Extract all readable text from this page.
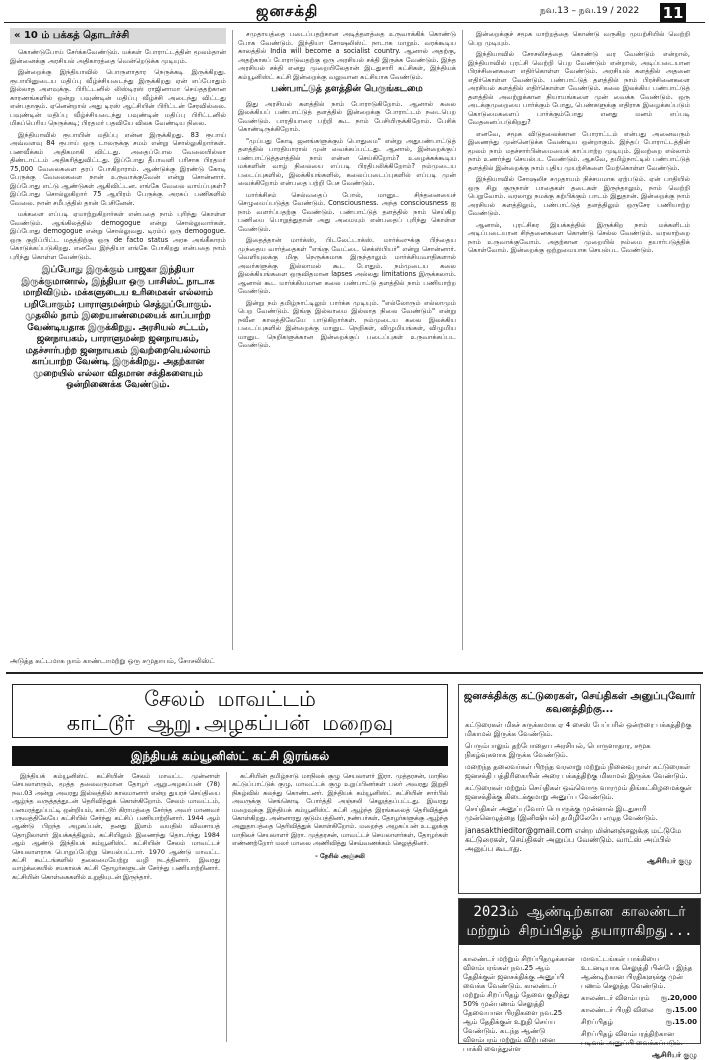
ஜனசக்தி	நவ.13 – நவ.19 / 2022 11
« 10 ம் பக்கத் தொடர்ச்சி

கொண்டுபோய் சேர்க்கவேண்டும். மக்கள் போராட்டத்தின் மூலம்தான் இன்னைக்கு அரசியல் அதிகாரத்தை வென்றெடுக்க முடியும்.

இன்றைக்கு இந்தியாவில் பொருளாதார நெருக்கடி இருக்கிறது. ரூபாயினுடைய மதிப்பு வீழ்ச்சியடைந்து இருக்கிறது ஏன் எப்போதும் இல்லாத அளவுக்கு. பிரிட்டனில் லிஸ்டிரஸ் ராஜினாமா செய்ததற்கான காரணங்களில் ஒன்று பவுண்டின் மதிப்பு வீழ்ச்சி அடைந்து விட்டது என்பதாகும். ஏனென்றால் அது டிரஸ் ஆட்சியின் பிரிட்டன் சேரவில்லை. பவுண்டின் மதிப்பு வீழ்ச்சியடைந்து பவுண்டின் மதிப்பு பிரிட்டனில் மிகப்பெரிய நெருக்கடி; பிரதமர் பதவியே விலக வேண்டிய நிலை.

இந்தியாவில் ரூபாயின் மதிப்பு என்ன இருக்கிறது. 83 ரூபாய் அவ்வளவு 84 ரூபாய் ஒரு டாலருக்கு சமம் என்று சொல்லுகிறார்கள். பணவீக்கம் அதிகமாகி விட்டது. அதைப்போல வேலையில்லா திண்டாட்டம் அதிகரித்துவிட்டது. இப்போது தீபாவளி பரிசாக பிரதமர் 75,000 வேலைகளை தரப் போகிறாராம். ஆண்டுக்கு இரண்டு கோடி பேருக்கு வேலைகளை நான் உருவாக்குவேன் என்று சொன்னார். இப்போது எட்டு ஆண்டுகள் ஆகிவிட்டன. எங்கே வேலை வாய்ப்புகள்? இப்போது சொல்லுகிறார் 75 ஆயிரம் பேருக்கு அரசுப் பணிகளில் வேலை. நான் சமீபத்தில் தான் பேசினேன்.

மக்களை எப்படி ஏமாற்றுகிறார்கள் என்பதை நாம் புரிந்து கொள்ள வேண்டும். ஆங்கிலத்தில் demogogue என்று சொல்லுவார்கள். இப்போது demogogue என்று சொல்லுவது. டிரம்ப் ஒரு demogogue. ஒரு குறிப்பிட்ட மதத்திற்கு ஒரு de facto status அரசு அங்கீகாரம் கொடுக்கப்படுகிறது. எனவே இந்தியா எங்கே போகிறது என்பதை நாம் புரிந்து கொள்ள வேண்டும்.

இப்போது இருக்கும் பாஜகா இந்தியா இருக்குமானால், இந்தியா ஒரு பாசிஸ்ட் நாடாக மாறிவிடும். மக்களுடைய உரிமைகள் எல்லாம் பறிபோகும்; பாராளுமன்றம் செத்துப்போகும். முதலில் நாம் இறையாண்மையைக் காப்பாற்ற வேண்டியதாக இருக்கிறது. அரசியல் சட்டம், ஜனநாயகம், பாராளுமன்ற ஜனநாயகம், மதச்சார்பற்ற ஜனநாயகம் இவற்றையெல்லாம் காப்பாற்ற வேண்டி இருக்கிறது. அதற்கான முறையில் எல்லா விதமான சக்திகளையும் ஒன்றிணைக்க வேண்டும்.

சமுதாயத்தை படைப்பதற்கான அடித்தளத்தை உருவாக்கிக் கொண்டு போக வேண்டும். இந்தியா சோஷலிஸ்ட் நாடாக மாறும். வரக்கூடிய காலத்தில் India will become a socialist country. ஆனால் அதற்கு, அதற்காகப் போராடுவதற்கு ஒரு அரசியல் சக்தி இருக்க வேண்டும். இந்த அரசியல் சக்தி எனது முறையிலேதான் இடதுசாரி கட்சிகள், இந்தியக் கம்யூனிஸ்ட் கட்சி இன்றைக்கு வலுவான கட்சியாக வேண்டும்.

பண்பாட்டுத் தளத்தின் பெருங்கடமை

இது அரசியல் களத்தில் நாம் போராடுகிறோம். ஆனால் கலை இலக்கியப் பண்பாட்டுத் தளத்தில் இன்றைக்கு போராட்டம் நடைபெற வேண்டும். பாரதியாரை பற்றி கூட நாம் பேசியிருக்கிறோம். பேசிக் கொண்டிருக்கிறோம்.

"முப்பது கோடி ஜனங்களுக்கும் பொதுமை" என்று அதுபண்பாட்டுத் தளத்தில் பாரதியாரால் முன் வைக்கப்பட்டது. ஆனால், இன்றைக்குப் பண்பாட்டுத்தளத்தில் நாம் என்ன செய்கிறோம்? உழைக்கக்கூடிய மக்களின் வாழ் நிலையை எப்படி பிரதிபலிக்கிறோம்? நம்முடைய படைப்புகளில், இலக்கியங்களில், கலைப்படைப்புகளில் எப்படி முன் வைக்கிறோம் என்பதை பற்றி பேச வேண்டும்.

மார்க்சிசம் செல்வதைப் போல், மானுட சிந்தனையைச் செழுமைப்படுத்த வேண்டும். Consciousness. அந்த consciousness ஐ நாம் வளர்ப்பதற்கு வேண்டும். பண்பாட்டுத் தளத்தில் நாம் செய்கிற பணியை பொறுத்துதான் அது அமையும் என்பதைப் புரிந்து கொள்ள வேண்டும்.

இதைத்தான் மார்க்ஸ், பிடலேட்டாக்ஸ். மார்க்ஸுக்கு பிந்தைய முந்தைய வார்த்தைகள் "எங்கு வேட்டை செக்ஸ்பியர்" என்று சொன்னார். வெளியுலக்கு மிகு நெருக்கமாக இருந்தாலும் மார்க்சியவாதிகளால் அவர்களுக்கு இல்லாமல் கூட போதும். நம்முடைய கலை இலக்கியங்களை ஒருவிதமான lapses அல்லது limitations இருக்கலாம். ஆனால் கூட மார்க்கியமான கலை பண்பாட்டு தளத்தில் நாம் பணியாற்ற வேண்டும்.

இன்று நம் தமிழ்நாட்டிலும் பார்க்க முடியும். "எல்லோரும் எல்லாமும் பெற வேண்டும். இங்கு இல்லாமை இல்லாத நிலை வேண்டும்" என்று நவீன காலத்திலேயே பாடுகிறார்கள். நம்முடைய கலை இலக்கிய படைப்புகளில் இன்றைக்கு மானுட நெறிகள், விழுமியங்கள், விழுமிய மானுட நெறிகளுக்கான இன்றைக்குப் படைப்புகள் உருவாக்கப்பட வேண்டும்.

இன்றைக்குச் சமூக மாற்றத்தை கொண்டு வருகிற முயற்சியில் வெற்றி பெற முடியும்.

இந்தியாவில் சோசலிசத்தை கொண்டு வர வேண்டும் என்றால், இந்தியாவில் புரட்சி வெற்றி பெற வேண்டும் என்றால், அடிப்படையான பிரச்சினைகளை எதிர்கொள்ள வேண்டும். அரசியல் களத்தில் அதனை எதிர்கொள்ள வேண்டும். பண்பாட்டுத் தளத்தில் நாம் பிரச்சினைகளை அரசியல் களத்தில் எதிர்கொள்ள வேண்டும். கலை இலக்கிய பண்பாட்டுத் தளத்தில் அவற்றுக்கான நியாயங்களை முன் வைக்க வேண்டும். ஒரு அடக்குமுறையை பார்க்கும் போது, பெண்களுக்கு எதிராக இழைக்கப்படும் கொடுமைகளைப் பார்க்கும்போது எனது மனம் எப்படி வேதனைப்படுகிறது?

எனவே, சமூக விடுதலைக்கான போராட்டம் என்பது அனைவரும் இணைந்து முன்னெடுக்க வேண்டிய ஒன்றாகும். இந்தப் போராட்டத்தின் மூலம் நாம் மதச்சார்பின்மையைக் காப்பாற்ற முடியும். இவற்றை எல்லாம் நாம் உணர்ந்து செயல்பட வேண்டும். ஆகவே, தமிழ்நாட்டில் பண்பாட்டுத் தளத்தில் இன்றைக்கு நாம் புதிய முயற்சிகளை மேற்கொள்ள வேண்டும்.

இந்தியாவில் சோஷலிச சமுதாயம் நிச்சயமாக ஏற்படும். ஏன் பாதியில் ஒரு சிறு குருநாள் பாதைகள் தடைகள் இருந்தாலும், நாம் வெற்றி பெறுவோம். வரலாறு நமக்கு கற்பிக்கும் பாடம் இதுதான். இன்றைக்கு நாம் அரசியல் களத்திலும், பண்பாட்டுத் தளத்திலும் ஒருசேர பணியாற்ற வேண்டும்.

ஆனால், புரட்சிகர இயக்கத்தில் இருக்கிற நாம் மக்களிடம் அடிப்படையான சிந்தனைகளை கொண்டு செல்ல வேண்டும். வரலாற்றை நாம் உருவாக்குவோம். அதற்கான முறையில் நம்மை தயார்படுத்திக் கொள்வோம். இன்றைக்கு ஒற்றுமையாக செயல்பட வேண்டும்.

அடுத்த கட்டமாக நாம் காண்டாமற்று ஒரு சமுதாயம், சோசலிஸ்ட்
சேலம் மாவட்டம்
காட்டூர் ஆறு.அழகப்பன் மறைவு
இந்தியக் கம்யூனிஸ்ட் கட்சி இரங்கல்

இந்தியக் கம்யூனிஸ்ட் கட்சியின் சேலம் மாவட்ட முன்னாள் செயலாளரும், மூத்த தலைவருமான தோழர் ஆறு.அழகப்பன் (78) நவ.03 அன்று அவரது இல்லத்தில் காலமானார் என்ற துயரச் செய்தியை ஆழ்ந்த வருத்தத்துடன் தெரிவித்துக் கொள்கிறோம். சேலம் மாவட்டம், பனமரத்துப்பட்டி ஒன்றியம், காட்டூர் கிராமத்தை சேர்ந்த அவர் மாணவர் பருவத்திலேயே கட்சியில் சேர்ந்து கட்சிப் பணியாற்றினார். 1944 ஆம் ஆண்டு பிறந்த அழகப்பன், தனது இளம் வயதில் விவசாயத் தொழிலாளர் இயக்கத்திலும், கட்சியிலும் இணைந்து தொடர்ந்து 1984 ஆம் ஆண்டு இந்தியக் கம்யூனிஸ்ட் கட்சியின் சேலம் மாவட்டச் செயலாளராக பொறுப்பேற்று செயல்பட்டார். 1970 ஆண்டு மாவட்ட கட்சி கூட்டங்களில் தலைமையேற்று வழி நடத்தினார். இவரது வாழ்க்கையில் சமகாலக் கட்சி தோழர்களுடன் சேர்ந்து பணியாற்றினார். கட்சியின் கொள்கைகளில் உறுதியுடன் இருந்தார்.

கட்சியின் தமிழ்நாடு மாநிலக் குழு செயலாளர் இரா. முத்தரசன், மாநில கட்டுப்பாட்டுக் குழு, மாவட்டக் குழு உறுப்பினர்கள் பலர் அவரது இறுதி நிகழ்வில் கலந்து கொண்டனர். இந்தியக் கம்யூனிஸ்ட் கட்சியின் சார்பில் அவருக்கு செங்கொடி போர்த்தி அஞ்சலி செலுத்தப்பட்டது. இவரது மறைவுக்கு இந்தியக் கம்யூனிஸ்ட் கட்சி ஆழ்ந்த இரங்கலைத் தெரிவித்துக் கொள்கிறது. அன்னாரது குடும்பத்தினர், நண்பர்கள், தோழர்களுக்கு ஆழ்ந்த அனுதாபத்தை தெரிவித்துக் கொள்கிறோம். மறைந்த அழகப்பன் உடலுக்கு மாநிலச் செயலாளர் இரா. முத்தரசன், மாவட்டச் செயலாளர்கள், தோழர்கள் எண்ணற்றோர் மலர் மாலை அணிவித்து செவ்வணக்கம் செலுத்தினர்.

- நேரில் அஞ்சலி
ஜனசக்திக்கு கட்டுரைகள், செய்திகள் அனுப்புவோர் கவனத்திற்கு...
கட்டுரைகள் மிகச் சுருக்கமாக ஏ 4 சைஸ் பேப்பரில் ஒன்றரை பக்கத்திற்கு மிகாமல் இருக்க வேண்டும்.
பெரும்பாலும் தற்போதைய அரசியல், பொருளாதார, சமூக நிகழ்வுகளாக இருக்க வேண்டும்.
மறைந்த தலைவர்கள் பிறந்த வரலாறு மற்றும் நினைவு நாள் கட்டுரைகள் ஜனசக்தி பத்திரிகையின் அரை பக்கத்திற்கு மிகாமல் இருக்க வேண்டும்.
கட்டுரைகள் மற்றும் செய்திகள் ஒவ்வொரு வாரமும் திங்கட்கிழமைக்குள் ஜனசக்திக்கு கிடைக்குமாறு அனுப்ப வேண்டும்.
செய்திகள் அனுப்புவோர் பெயருக்கு முன்னால் இடதுசாரி முன்னெழுத்தை (இனிஷியல்) தமிழிலேயே எழுத வேண்டும்.
janasakthieditor@gmail.com என்ற மின்னஞ்சலுக்கு மட்டுமே கட்டுரைகள், செய்திகள் அனுப்ப வேண்டும். வாட்ஸ் அப்பில் அனுப்ப கூடாது.
ஆசிரியர் குழு
2023ம் ஆண்டிற்கான காலண்டர்
மற்றும் சிறப்பிதழ் தயாராகிறது...
காலண்டர் மற்றும் சிறப்பிதழுக்கான விளம்பரங்கள் நவ.25 ஆம் தேதிக்குள் ஜனசக்திக்கு அனுப்பி வைக்க வேண்டும். காலண்டர் மற்றும் சிறப்பிதழ் தேவை குறித்து 50% முன்பணம் செலுத்தி தேவையான பிரதிகளை நவ.25 ஆம் தேதிக்குள் உறுதி செய்ய வேண்டும். கடந்த ஆண்டு விளம்பரம் மற்றும் விற்பனை பாக்கி வைத்துள்ள
மாவட்டங்கள் பாக்கியை உடனடியாக செலுத்தி பின்பே இந்த ஆண்டிற்கான பிரதிகளுக்கு முன் பணம் செலுத்த வேண்டும்.
காலண்டர் விளம்பரம் ரூ.20,000
காலண்டர் பிரதி விலை ரூ.15.00
சிறப்பிதழ்	ரூ.15.00
சிறப்பிதழ் விளம்பரத்திற்கான படிவம் அனுப்பி வைக்கப்படும்.
ஆசிரியர் குழு
